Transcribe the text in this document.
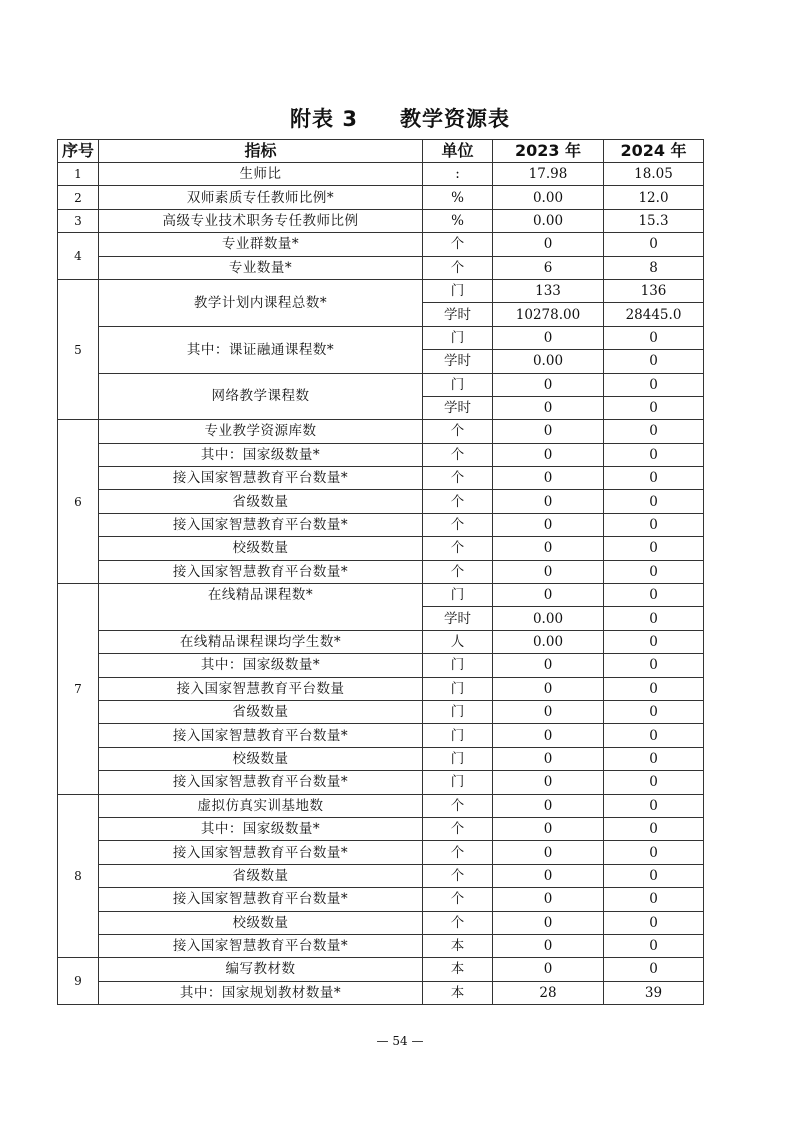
附表 3 教学资源表
序号	指标	单位	2023 年	2024 年
1	生师比	:	17.98	18.05
2	双师素质专任教师比例*	%	0.00	12.0
3	高级专业技术职务专任教师比例	%	0.00	15.3
4	专业群数量*	个	0	0
	专业数量*	个	6	8
5	教学计划内课程总数*	门	133	136
		学时	10278.00	28445.0
	其中：课证融通课程数*	门	0	0
		学时	0.00	0
	网络教学课程数	门	0	0
		学时	0	0
6	专业教学资源库数	个	0	0
	其中：国家级数量*	个	0	0
	接入国家智慧教育平台数量*	个	0	0
	省级数量	个	0	0
	接入国家智慧教育平台数量*	个	0	0
	校级数量	个	0	0
	接入国家智慧教育平台数量*	个	0	0
7	在线精品课程数*	门	0	0
		学时	0.00	0
	在线精品课程课均学生数*	人	0.00	0
	其中：国家级数量*	门	0	0
	接入国家智慧教育平台数量	门	0	0
	省级数量	门	0	0
	接入国家智慧教育平台数量*	门	0	0
	校级数量	门	0	0
	接入国家智慧教育平台数量*	门	0	0
8	虚拟仿真实训基地数	个	0	0
	其中：国家级数量*	个	0	0
	接入国家智慧教育平台数量*	个	0	0
	省级数量	个	0	0
	接入国家智慧教育平台数量*	个	0	0
	校级数量	个	0	0
	接入国家智慧教育平台数量*	本	0	0
9	编写教材数	本	0	0
	其中：国家规划教材数量*	本	28	39
— 54 —
